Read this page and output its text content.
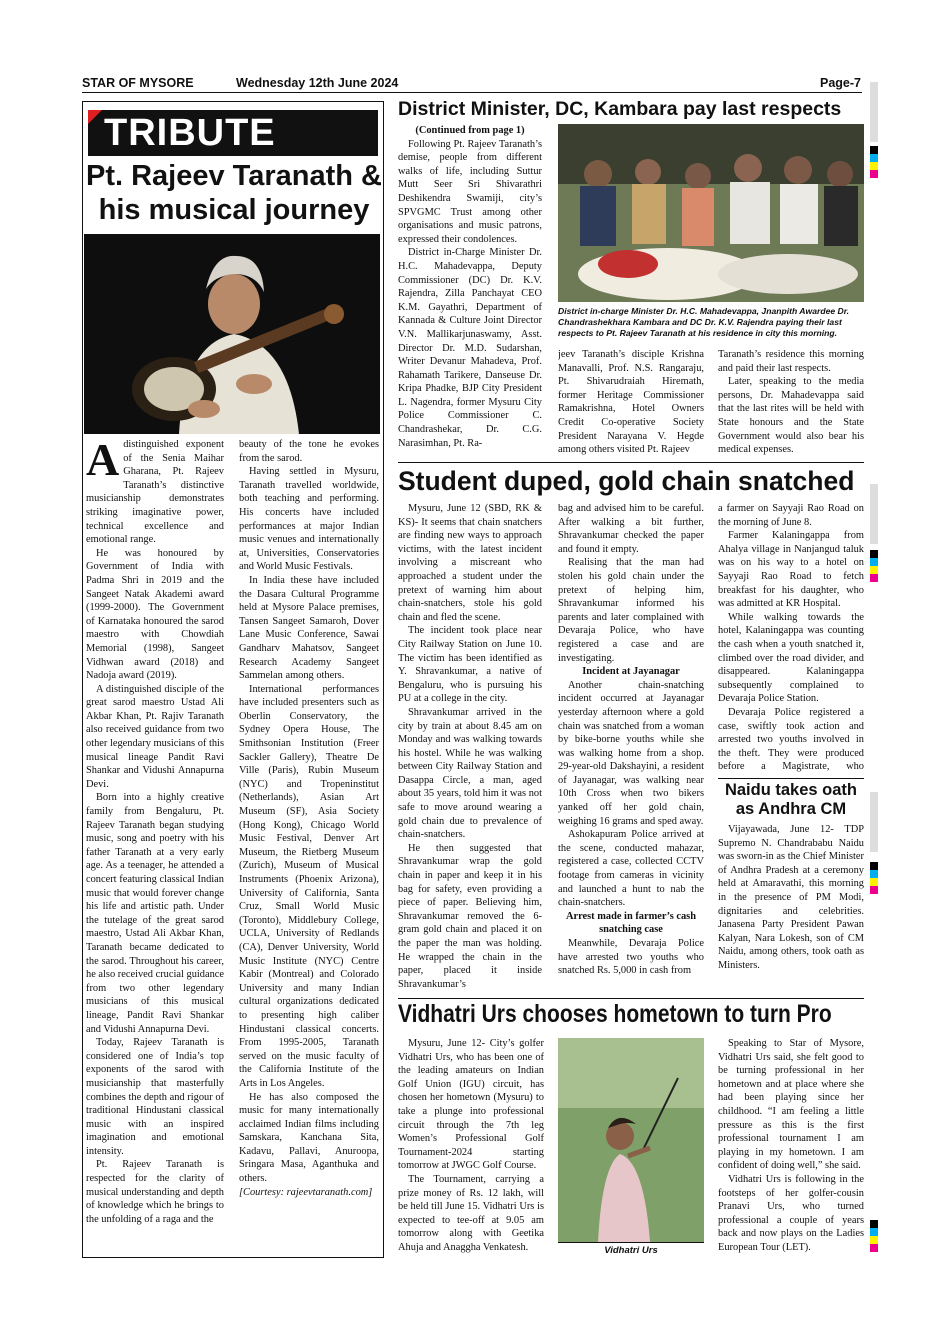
STAR OF MYSORE	Wednesday 12th June 2024	Page-7
TRIBUTE
Pt. Rajeev Taranath &
his musical journey

Adistinguished exponent of the Senia Maihar Gharana, Pt. Rajeev Taranath’s distinctive musicianship demonstrates striking imaginative power, technical excellence and emotional range.

He was honoured by Government of India with Padma Shri in 2019 and the Sangeet Natak Akademi award (1999-2000). The Government of Karnataka honoured the sarod maestro with Chowdiah Memorial (1998), Sangeet Vidhwan award (2018) and Nadoja award (2019).

A distinguished disciple of the great sarod maestro Ustad Ali Akbar Khan, Pt. Rajiv Taranath also received guidance from two other legendary musicians of this musical lineage Pandit Ravi Shankar and Vidushi Annapurna Devi.

Born into a highly creative family from Bengaluru, Pt. Rajeev Taranath began studying music, song and poetry with his father Taranath at a very early age. As a teenager, he attended a concert featuring classical Indian music that would forever change his life and artistic path. Under the tutelage of the great sarod maestro, Ustad Ali Akbar Khan, Taranath became dedicated to the sarod. Throughout his career, he also received crucial guidance from two other legendary musicians of this musical lineage, Pandit Ravi Shankar and Vidushi Annapurna Devi.

Today, Rajeev Taranath is considered one of India’s top exponents of the sarod with musicianship that masterfully combines the depth and rigour of traditional Hindustani classical music with an inspired imagination and emotional intensity.

Pt. Rajeev Taranath is respected for the clarity of musical understanding and depth of knowledge which he brings to the unfolding of a raga and the

beauty of the tone he evokes from the sarod.

Having settled in Mysuru, Taranath travelled worldwide, both teaching and performing. His concerts have included performances at major Indian music venues and internationally at, Universities, Conservatories and World Music Festivals.

In India these have included the Dasara Cultural Programme held at Mysore Palace premises, Tansen Sangeet Samaroh, Dover Lane Music Conference, Sawai Gandharv Mahatsov, Sangeet Research Academy Sangeet Sammelan among others.

International performances have included presenters such as Oberlin Conservatory, the Sydney Opera House, The Smithsonian Institution (Freer Sackler Gallery), Theatre De Ville (Paris), Rubin Museum (NYC) and Tropeninstitut (Netherlands), Asian Art Museum (SF), Asia Society (Hong Kong), Chicago World Music Festival, Denver Art Museum, the Rietberg Museum (Zurich), Museum of Musical Instruments (Phoenix Arizona), University of California, Santa Cruz, Small World Music (Toronto), Middlebury College, UCLA, University of Redlands (CA), Denver University, World Music Institute (NYC) Centre Kabir (Montreal) and Colorado University and many Indian cultural organizations dedicated to presenting high caliber Hindustani classical concerts. From 1995-2005, Taranath served on the music faculty of the California Institute of the Arts in Los Angeles.

He has also composed the music for many internationally acclaimed Indian films including Samskara, Kanchana Sita, Kadavu, Pallavi, Anuroopa, Sringara Masa, Aganthuka and others.

[Courtesy: rajeevtaranath.com]

District Minister, DC, Kambara pay last respects

(Continued from page 1)

Following Pt. Rajeev Taranath’s demise, people from different walks of life, including Suttur Mutt Seer Sri Shivarathri Deshikendra Swamiji, city’s SPVGMC Trust among other organisations and music patrons, expressed their condolences.

District in-Charge Minister Dr. H.C. Mahadevappa, Deputy Commissioner (DC) Dr. K.V. Rajendra, Zilla Panchayat CEO K.M. Gayathri, Department of Kannada & Culture Joint Director V.N. Mallikarjunaswamy, Asst. Director Dr. M.D. Sudarshan, Writer Devanur Mahadeva, Prof. Rahamath Tarikere, Danseuse Dr. Kripa Phadke, BJP City President L. Nagendra, former Mysuru City Police Commissioner C. Chandrashekar, Dr. C.G. Narasimhan, Pt. Ra-

District in-charge Minister Dr. H.C. Mahadevappa, Jnanpith Awardee Dr. Chandrashekhara Kambara and DC Dr. K.V. Rajendra paying their last respects to Pt. Rajeev Taranath at his residence in city this morning.

jeev Taranath’s disciple Krishna Manavalli, Prof. N.S. Rangaraju, Pt. Shivarudraiah Hiremath, former Heritage Commissioner Ramakrishna, Hotel Owners Credit Co-operative Society President Narayana V. Hegde among others visited Pt. Rajeev

Taranath’s residence this morning and paid their last respects.

Later, speaking to the media persons, Dr. Mahadevappa said that the last rites will be held with State honours and the State Government would also bear his medical expenses.

Student duped, gold chain snatched

Mysuru, June 12 (SBD, RK & KS)- It seems that chain snatchers are finding new ways to approach victims, with the latest incident involving a miscreant who approached a student under the pretext of warning him about chain-snatchers, stole his gold chain and fled the scene.

The incident took place near City Railway Station on June 10. The victim has been identified as Y. Shravankumar, a native of Bengaluru, who is pursuing his PU at a college in the city.

Shravankumar arrived in the city by train at about 8.45 am on Monday and was walking towards his hostel. While he was walking between City Railway Station and Dasappa Circle, a man, aged about 35 years, told him it was not safe to move around wearing a gold chain due to prevalence of chain-snatchers.

He then suggested that Shravankumar wrap the gold chain in paper and keep it in his bag for safety, even providing a piece of paper. Believing him, Shravankumar removed the 6-gram gold chain and placed it on the paper the man was holding. He wrapped the chain in the paper, placed it inside Shravankumar’s

bag and advised him to be careful. After walking a bit further, Shravankumar checked the paper and found it empty.

Realising that the man had stolen his gold chain under the pretext of helping him, Shravankumar informed his parents and later complained with Devaraja Police, who have registered a case and are investigating.

Incident at Jayanagar

Another chain-snatching incident occurred at Jayanagar yesterday afternoon where a gold chain was snatched from a woman by bike-borne youths while she was walking home from a shop. 29-year-old Dakshayini, a resident of Jayanagar, was walking near 10th Cross when two bikers yanked off her gold chain, weighing 16 grams and sped away.

Ashokapuram Police arrived at the scene, conducted mahazar, registered a case, collected CCTV footage from cameras in vicinity and launched a hunt to nab the chain-snatchers.

Arrest made in farmer’s cash snatching case

Meanwhile, Devaraja Police have arrested two youths who snatched Rs. 5,000 in cash from

a farmer on Sayyaji Rao Road on the morning of June 8.

Farmer Kalaningappa from Ahalya village in Nanjangud taluk was on his way to a hotel on Sayyaji Rao Road to fetch breakfast for his daughter, who was admitted at KR Hospital.

While walking towards the hotel, Kalaningappa was counting the cash when a youth snatched it, climbed over the road divider, and disappeared. Kalaningappa subsequently complained to Devaraja Police Station.

Devaraja Police registered a case, swiftly took action and arrested two youths involved in the theft. They were produced before a Magistrate, who

Naidu takes oath
as Andhra CM

Vijayawada, June 12- TDP Supremo N. Chandrababu Naidu was sworn-in as the Chief Minister of Andhra Pradesh at a ceremony held at Amaravathi, this morning in the presence of PM Modi, dignitaries and celebrities. Janasena Party President Pawan Kalyan, Nara Lokesh, son of CM Naidu, among others, took oath as Ministers.

Vidhatri Urs chooses hometown to turn Pro

Mysuru, June 12- City’s golfer Vidhatri Urs, who has been one of the leading amateurs on Indian Golf Union (IGU) circuit, has chosen her hometown (Mysuru) to take a plunge into professional circuit through the 7th leg Women’s Professional Golf Tournament-2024 starting tomorrow at JWGC Golf Course.

The Tournament, carrying a prize money of Rs. 12 lakh, will be held till June 15. Vidhatri Urs is expected to tee-off at 9.05 am tomorrow along with Geetika Ahuja and Anaggha Venkatesh.	Vidhatri Urs

Speaking to Star of Mysore, Vidhatri Urs said, she felt good to be turning professional in her hometown and at place where she had been playing since her childhood. “I am feeling a little pressure as this is the first professional tournament I am playing in my hometown. I am confident of doing well,” she said.

Vidhatri Urs is following in the footsteps of her golfer-cousin Pranavi Urs, who turned professional a couple of years back and now plays on the Ladies European Tour (LET).
